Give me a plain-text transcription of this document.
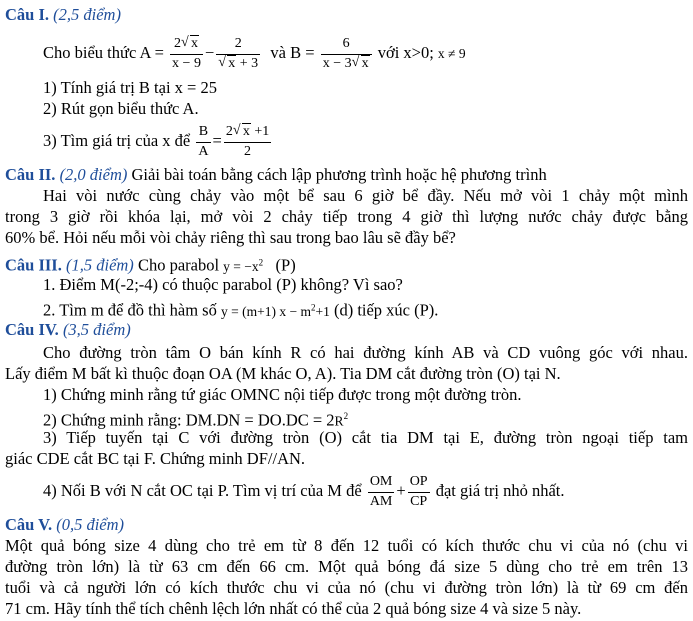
Câu I. (2,5 điểm)
Cho biểu thức $A = \frac{2 √ x}{x - 9} - 2$
√ x + 3 và $B = \frac{6}{x - 3 √ x}$ với x>0; x ≠ 9
1) Tính giá trị B tại x = 25
2) Rút gọn biểu thức A.
3) Tìm giá trị của x để $\frac{B}{A} = \frac{2 √ x +1}{2}$
Câu II. (2,0 điểm) Giải bài toán bằng cách lập phương trình hoặc hệ phương trình
Hai vòi nước cùng chảy vào một bể sau 6 giờ bể đầy. Nếu mở vòi 1 chảy một mình
trong 3 giờ rồi khóa lại, mở vòi 2 chảy tiếp trong 4 giờ thì lượng nước chảy được bằng
60% bể. Hỏi nếu mỗi vòi chảy riêng thì sau trong bao lâu sẽ đầy bể?
Câu III. (1,5 điểm) Cho parabol $y = -x^2$ (P)
1. Điểm M(-2;-4) có thuộc parabol (P) không? Vì sao?
2. Tìm m để đồ thì hàm số y = (m+1) $x - m^2+1$ (d) tiếp xúc (P).
Câu IV. (3,5 điểm)
Cho đường tròn tâm O bán kính R có hai đường kính AB và CD vuông góc với nhau.
Lấy điểm M bất kì thuộc đoạn OA (M khác O, A). Tia DM cắt đường tròn (O) tại N.
1) Chứng minh rằng tứ giác OMNC nội tiếp được trong một đường tròn.
2) Chứng minh rằng: $DM.DN = DO.DC = 2R^2$
3) Tiếp tuyến tại C với đường tròn (O) cắt tia DM tại E, đường tròn ngoại tiếp tam
giác CDE cắt BC tại F. Chứng minh DF//AN.
4) Nối B với N cắt OC tại P. Tìm vị trí của M để $\frac{OM}{AM} + \frac{OP}{CP}$ đạt giá trị nhỏ nhất.
Câu V. (0,5 điểm)
Một quả bóng size 4 dùng cho trẻ em từ 8 đến 12 tuổi có kích thước chu vi của nó (chu vi
đường tròn lớn) là từ 63 cm đến 66 cm. Một quả bóng đá size 5 dùng cho trẻ em trên 13
tuổi và cả người lớn có kích thước chu vi của nó (chu vi đường tròn lớn) là từ 69 cm đến
71 cm. Hãy tính thể tích chênh lệch lớn nhất có thể của 2 quả bóng size 4 và size 5 này.
